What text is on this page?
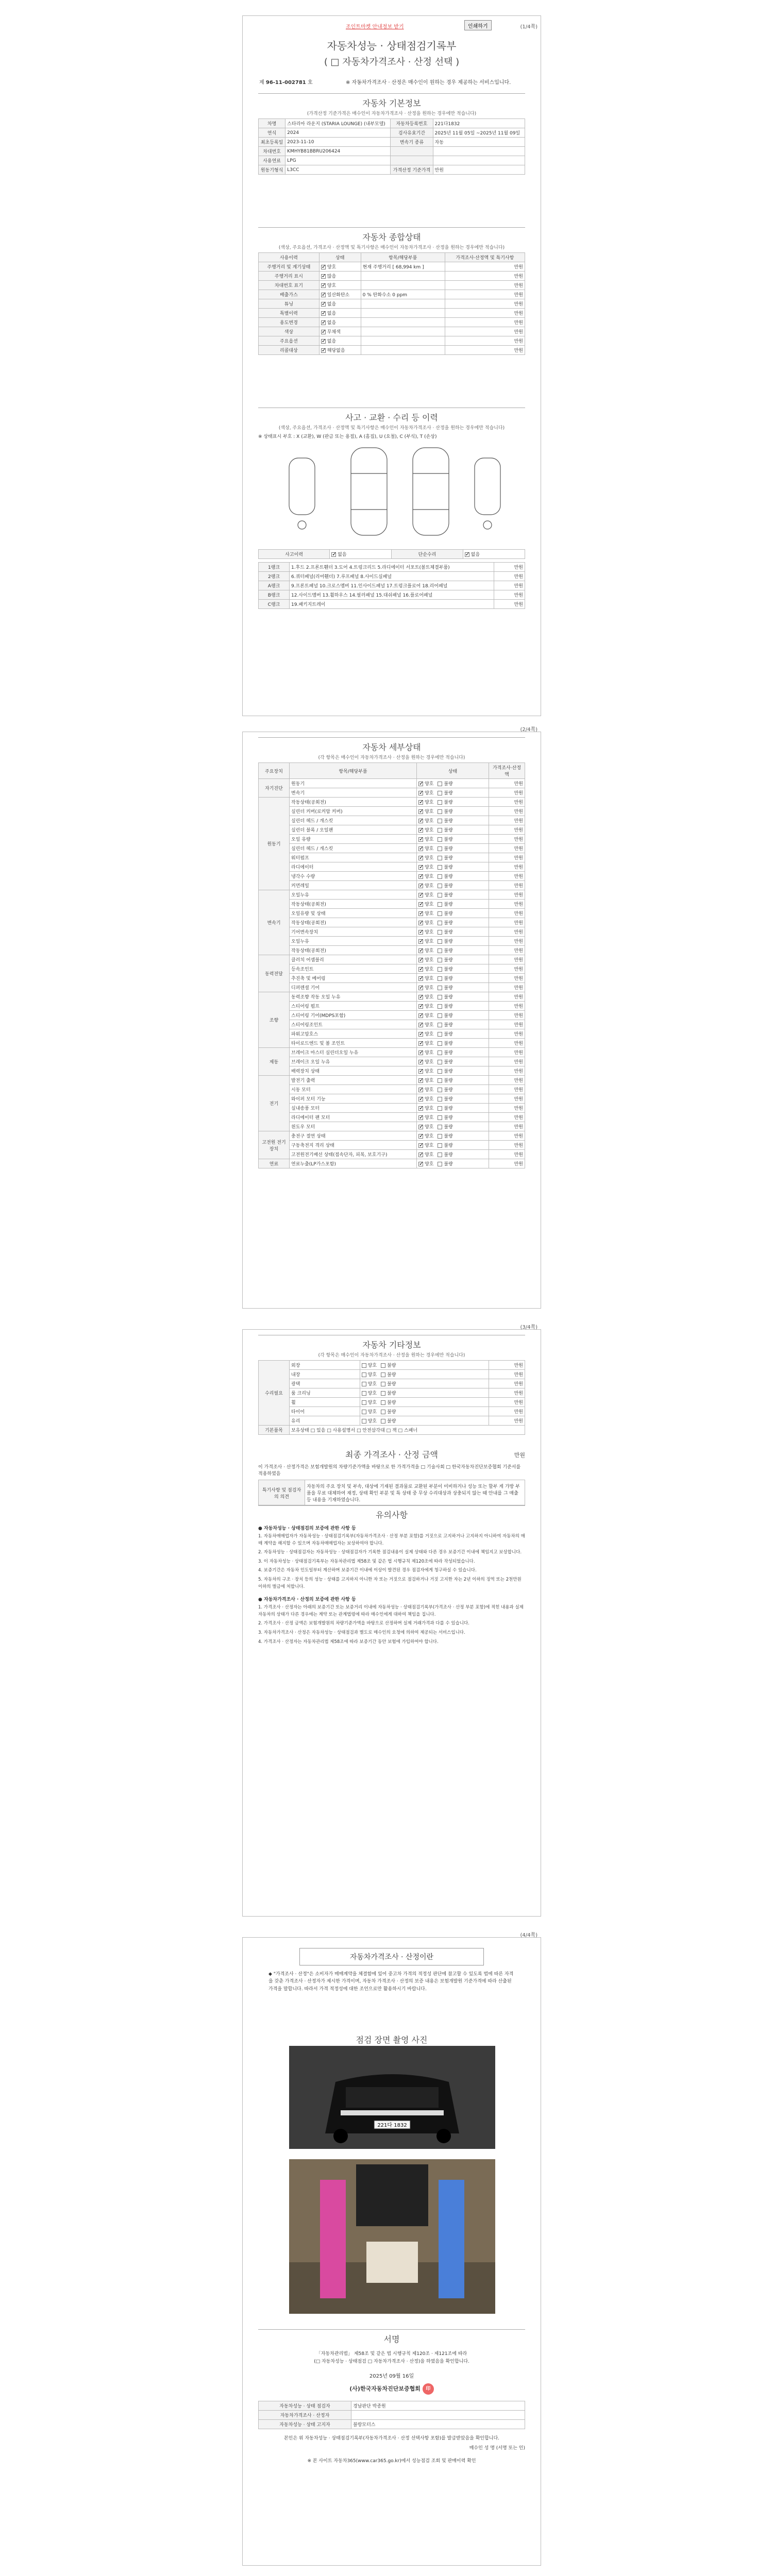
조인트마켓 안내정보 받기	인쇄하기	(1/4쪽)
자동차성능 · 상태점검기록부
( □ 자동차가격조사 · 산정 선택 )
제 96-11-002781 호	※ 자동차가격조사 · 산정은 매수인이 원하는 경우 제공하는 서비스입니다.
자동차 기본정보
(가격산정 기준가격은 매수인이 자동차가격조사 · 산정을 원하는 경우에만 적습니다)
차명	스타리아 라운지 (STARIA LOUNGE) (내부모델)	자동차등록번호	221다1832
연식	2024	검사유효기간	2025년 11월 05일 ~2025년 11월 09일
최초등록일	2023-11-10	변속기 종류	자동
차대번호	KMHYB81BBRU206424		
사용연료	LPG		
원동기형식	L3CC	가격산정 기준가격	만원
자동차 종합상태
(색상, 주요옵션, 가격조사 · 산정액 및 특기사항은 매수인이 자동차가격조사 · 산정을 원하는 경우에만 적습니다)
사용이력	상태	항목/해당부품	가격조사·산정액 및 특기사항
주행거리 및 계기상태	✓양호	현재 주행거리 [ 68,994 km ]	만원
주행거리 표시	✓많음		만원
차대번호 표기	✓양호		만원
배출가스	✓일산화탄소	0 % 탄화수소 0 ppm	만원
튜닝	✓없음		만원
특별이력	✓없음		만원
용도변경	✓없음		만원
색상	✓무채색		만원
주요옵션	✓없음		만원
리콜대상	✓해당없음		만원
사고 · 교환 · 수리 등 이력
(색상, 주요옵션, 가격조사 · 산정액 및 특기사항은 매수인이 자동차가격조사 · 산정을 원하는 경우에만 적습니다)
※ 상태표시 부호 : X (교환), W (판금 또는 용접), A (흠집), U (요철), C (부식), T (손상)
사고이력	✓없음	단순수리	✓없음
1랭크	1.후드 2.프론트휀더 3.도어 4.트렁크리드 5.라디에이터 서포트(볼트체결부품)	만원
2랭크	6.쿼터패널(리어휀더) 7.루프패널 8.사이드실패널	만원
A랭크	9.프론트패널 10.크로스멤버 11.인사이드패널 17.트렁크플로어 18.리어패널	만원
B랭크	12.사이드멤버 13.휠하우스 14.필러패널 15.대쉬패널 16.플로어패널	만원
C랭크	19.패키지트레이	만원
(2/4쪽)
자동차 세부상태
(각 항목은 매수인이 자동차가격조사 · 산정을 원하는 경우에만 적습니다)
주요장치	항목/해당부품	상태	가격조사·산정액
자기진단	원동기	✓양호 불량	만원
	변속기	✓양호 불량	만원
원동기	작동상태(공회전)	✓양호 불량	만원
	실린더 커버(로커암 커버)	✓양호 불량	만원
	실린더 헤드 / 개스킷	✓양호 불량	만원
	실린더 블록 / 오일팬	✓양호 불량	만원
	오일 유량	✓양호 불량	만원
	실린더 헤드 / 개스킷	✓양호 불량	만원
	워터펌프	✓양호 불량	만원
	라디에이터	✓양호 불량	만원
	냉각수 수량	✓양호 불량	만원
	커먼레일	✓양호 불량	만원
변속기	오일누유	✓양호 불량	만원
	작동상태(공회전)	✓양호 불량	만원
	오일유량 및 상태	✓양호 불량	만원
	작동상태(공회전)	✓양호 불량	만원
	기어변속장치	✓양호 불량	만원
	오일누유	✓양호 불량	만원
	작동상태(공회전)	✓양호 불량	만원
동력전달	클러치 어셈블리	✓양호 불량	만원
	등속조인트	✓양호 불량	만원
	추진축 및 베어링	✓양호 불량	만원
	디퍼렌셜 기어	✓양호 불량	만원
조향	동력조향 작동 오일 누유	✓양호 불량	만원
	스티어링 펌프	✓양호 불량	만원
	스티어링 기어(MDPS포함)	✓양호 불량	만원
	스티어링조인트	✓양호 불량	만원
	파워고압호스	✓양호 불량	만원
	타이로드엔드 및 볼 조인트	✓양호 불량	만원
제동	브레이크 마스터 실린더오일 누유	✓양호 불량	만원
	브레이크 오일 누유	✓양호 불량	만원
	배력장치 상태	✓양호 불량	만원
전기	발전기 출력	✓양호 불량	만원
	시동 모터	✓양호 불량	만원
	와이퍼 모터 기능	✓양호 불량	만원
	실내송풍 모터	✓양호 불량	만원
	라디에이터 팬 모터	✓양호 불량	만원
	윈도우 모터	✓양호 불량	만원
고전원 전기장치	충전구 절연 상태	✓양호 불량	만원
	구동축전지 격리 상태	✓양호 불량	만원
	고전원전기배선 상태(접속단자, 피복, 보호기구)	✓양호 불량	만원
연료	연료누출(LP가스포함)	✓양호 불량	만원
(3/4쪽)
자동차 기타정보
(각 항목은 매수인이 자동차가격조사 · 산정을 원하는 경우에만 적습니다)
수리필요	외장	양호 불량	만원
	내장	양호 불량	만원
	광택	양호 불량	만원
	룸 크리닝	양호 불량	만원
	휠	양호 불량	만원
	타이어	양호 불량	만원
	유리	양호 불량	만원
기본품목	보유상태 □ 있음 □ 사용설명서 □ 안전삼각대 □ 잭 □ 스패너		
최종 가격조사 · 산정 금액	만원
이 가격조사 · 산정가격은 보험개발원의 차량기준가액을 바탕으로 한 가격가격을 □ 기술사회 □ 한국자동차진단보증협회 기준서를 적용하였음
특기사항 및 점검자의 의견	자동차의 주요 장치 및 부속, 대상에 기재된 결과물로 교환된 부분이 미비하거나 성능 또는 할부 게 가방 부품을 무료 대체하여 재정, 상태 확인 부분 및 특 상태 중 무상 수리대상과 상충되지 않는 때 안내를 그 매출 등 내용을 기재하였습니다.
유의사항
● 자동차성능 · 상태점검의 보증에 관한 사항 등
1. 자동차매매업자가 자동차성능 · 상태점검기록부(자동차가격조사 · 산정 부분 포함)를 거짓으로 고지하거나 고지하지 아니하여 자동차의 매매 계약을 해지할 수 있으며 자동차매매업자는 보상하여야 합니다.
2. 자동차성능 · 상태점검자는 자동차성능 · 상태점검자가 기록한 점검내용이 실제 상태와 다른 경우 보증기간 이내에 책임지고 보상합니다.
3. 이 자동차성능 · 상태점검기록부는 자동차관리법 제58조 및 같은 법 시행규칙 제120조에 따라 작성되었습니다.
4. 보증기간은 자동차 인도일부터 계산하며 보증기간 이내에 이상이 발견된 경우 점검자에게 청구하실 수 있습니다.
5. 자동차의 구조 · 장치 등의 성능 · 상태를 고지하지 아니한 자 또는 거짓으로 점검하거나 거짓 고지한 자는 2년 이하의 징역 또는 2천만원 이하의 벌금에 처합니다.
● 자동차가격조사 · 산정의 보증에 관한 사항 등
1. 가격조사 · 산정자는 아래의 보증기간 또는 보증거리 이내에 자동차성능 · 상태점검기록부(가격조사 · 산정 부분 포함)에 적힌 내용과 실제 자동차의 상태가 다른 경우에는 계약 또는 관계법령에 따라 매수인에게 대하여 책임을 집니다.
2. 가격조사 · 산정 금액은 보험개발원의 차량기준가액을 바탕으로 산정하며 실제 거래가격과 다를 수 있습니다.
3. 자동차가격조사 · 산정은 자동차성능 · 상태점검과 별도로 매수인의 요청에 의하여 제공되는 서비스입니다.
4. 가격조사 · 산정자는 자동차관리법 제58조에 따라 보증기간 동안 보험에 가입하여야 합니다.
(4/4쪽)
자동차가격조사 · 산정이란
◆ "가격조사 · 산정"은 소비자가 매매계약을 체결함에 있어 중고차 가격의 적정성 판단에 참고할 수 있도록 법에 따른 자격을 갖춘 가격조사 · 산정자가 제시한 가격이며, 자동차 가격조사 · 산정의 보증 내용은 보험개발원 기준가격에 따라 산출된 가격을 말합니다. 따라서 가격 적정성에 대한 조언으로만 활용하시기 바랍니다.
점검 장면 촬영 사진
221다 1832
서명
「자동차관리법」 제58조 및 같은 법 시행규칙 제120조 · 제121조에 따라
(□ 자동차성능 · 상태점검 □ 자동차가격조사 · 산정)을 하였음을 확인합니다.
2025년 09월 16일
(사)한국자동차진단보증협회 印
자동차성능 · 상태 점검자	경남판단 박종원
자동차가격조사 · 산정자	
자동차성능 · 상태 고지자	블랑모터스
본인은 위 자동차성능 · 상태점검기록부(자동차가격조사 · 산정 선택사항 포함)를 발급받았음을 확인합니다.
매수인 성 명 (서명 또는 인)
※ 본 사이트 자동차365(www.car365.go.kr)에서 성능점검 조회 및 판매이력 확인
